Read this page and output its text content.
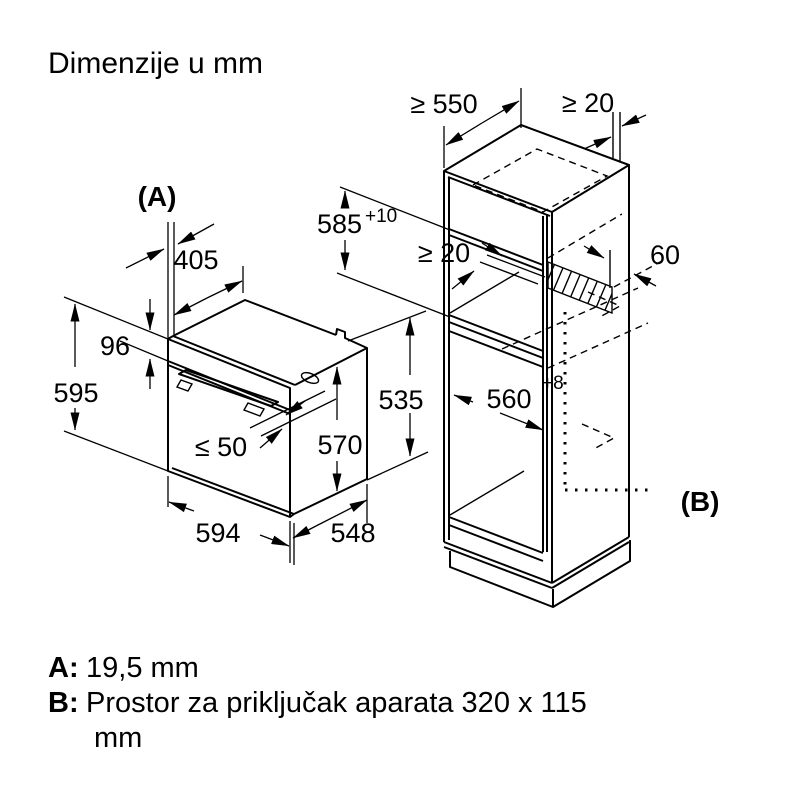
Dimenzije u mm
(A)
405
96
595
≤ 50	570
535
594	548
≥ 550	≥ 20
585 +10
≥ 20	60
560
+8
(B)
A: 19,5 mm
B: Prostor za priključak aparata 320 x 115
mm
